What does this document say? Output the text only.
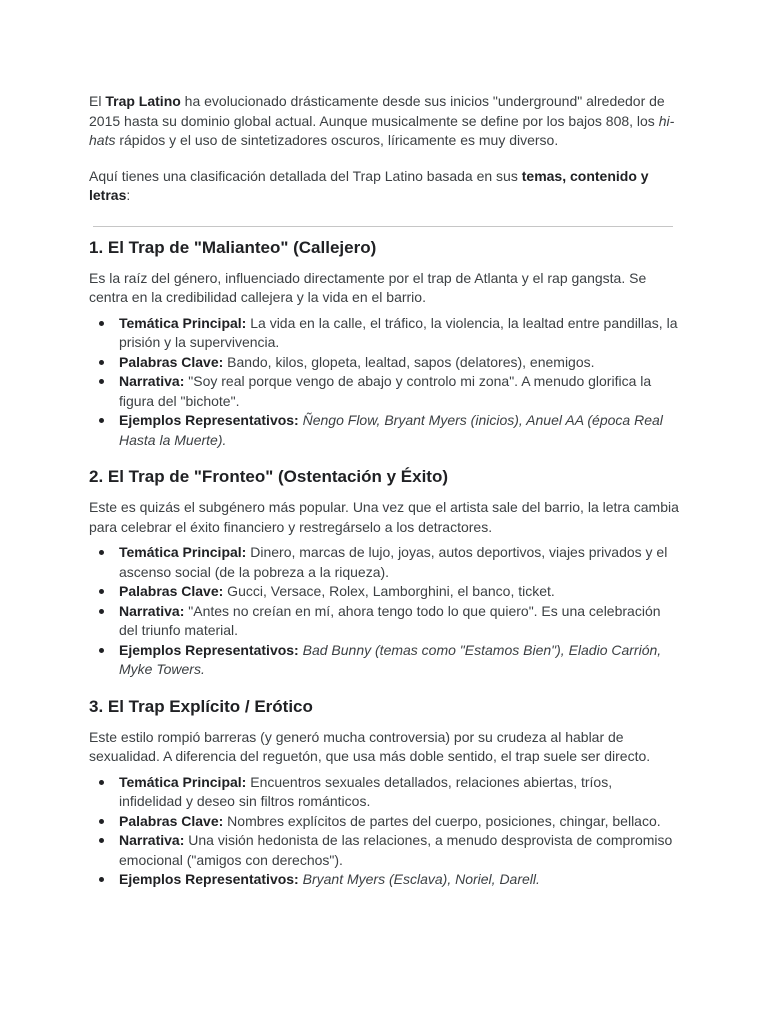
El Trap Latino ha evolucionado drásticamente desde sus inicios "underground" alrededor de 2015 hasta su dominio global actual. Aunque musicalmente se define por los bajos 808, los hi-hats rápidos y el uso de sintetizadores oscuros, líricamente es muy diverso.

Aquí tienes una clasificación detallada del Trap Latino basada en sus temas, contenido y letras:

1. El Trap de "Malianteo" (Callejero)

Es la raíz del género, influenciado directamente por el trap de Atlanta y el rap gangsta. Se centra en la credibilidad callejera y la vida en el barrio.

Temática Principal: La vida en la calle, el tráfico, la violencia, la lealtad entre pandillas, la prisión y la supervivencia.
Palabras Clave: Bando, kilos, glopeta, lealtad, sapos (delatores), enemigos.
Narrativa: "Soy real porque vengo de abajo y controlo mi zona". A menudo glorifica la figura del "bichote".
Ejemplos Representativos: Ñengo Flow, Bryant Myers (inicios), Anuel AA (época Real Hasta la Muerte).
2. El Trap de "Fronteo" (Ostentación y Éxito)

Este es quizás el subgénero más popular. Una vez que el artista sale del barrio, la letra cambia para celebrar el éxito financiero y restregárselo a los detractores.

Temática Principal: Dinero, marcas de lujo, joyas, autos deportivos, viajes privados y el ascenso social (de la pobreza a la riqueza).
Palabras Clave: Gucci, Versace, Rolex, Lamborghini, el banco, ticket.
Narrativa: "Antes no creían en mí, ahora tengo todo lo que quiero". Es una celebración del triunfo material.
Ejemplos Representativos: Bad Bunny (temas como "Estamos Bien"), Eladio Carrión, Myke Towers.
3. El Trap Explícito / Erótico

Este estilo rompió barreras (y generó mucha controversia) por su crudeza al hablar de sexualidad. A diferencia del reguetón, que usa más doble sentido, el trap suele ser directo.

Temática Principal: Encuentros sexuales detallados, relaciones abiertas, tríos, infidelidad y deseo sin filtros románticos.
Palabras Clave: Nombres explícitos de partes del cuerpo, posiciones, chingar, bellaco.
Narrativa: Una visión hedonista de las relaciones, a menudo desprovista de compromiso emocional ("amigos con derechos").
Ejemplos Representativos: Bryant Myers (Esclava), Noriel, Darell.
